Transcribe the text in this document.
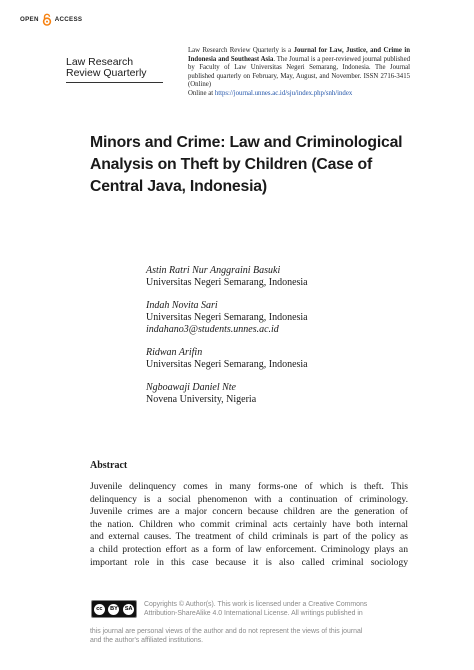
OPEN	ACCESS
Law Research
Review Quarterly
Law Research Review Quarterly is a Journal for Law, Justice, and Crime in Indonesia and Southeast Asia. The Journal is a peer-reviewed journal published by Faculty of Law Universitas Negeri Semarang, Indonesia. The Journal published quarterly on February, May, August, and November. ISSN 2716-3415 (Online)
Online at https://journal.unnes.ac.id/sju/index.php/snh/index
Minors and Crime: Law and Criminological
Analysis on Theft by Children (Case of
Central Java, Indonesia)
Astin Ratri Nur Anggraini Basuki
Universitas Negeri Semarang, Indonesia
Indah Novita Sari
Universitas Negeri Semarang, Indonesia
indahano3@students.unnes.ac.id
Ridwan Arifin
Universitas Negeri Semarang, Indonesia
Ngboawaji Daniel Nte
Novena University, Nigeria
Abstract
Juvenile delinquency comes in many forms-one of which is theft. This
delinquency is a social phenomenon with a continuation of criminology.
Juvenile crimes are a major concern because children are the generation of
the nation. Children who commit criminal acts certainly have both internal
and external causes. The treatment of child criminals is part of the policy as
a child protection effort as a form of law enforcement. Criminology plays an
important role in this case because it is also called criminal sociology
cc	BY	SA
Copyrights © Author(s). This work is licensed under a Creative Commons
Attribution-ShareAlike 4.0 International License. All writings published in
this journal are personal views of the author and do not represent the views of this journal
and the author's affiliated institutions.
